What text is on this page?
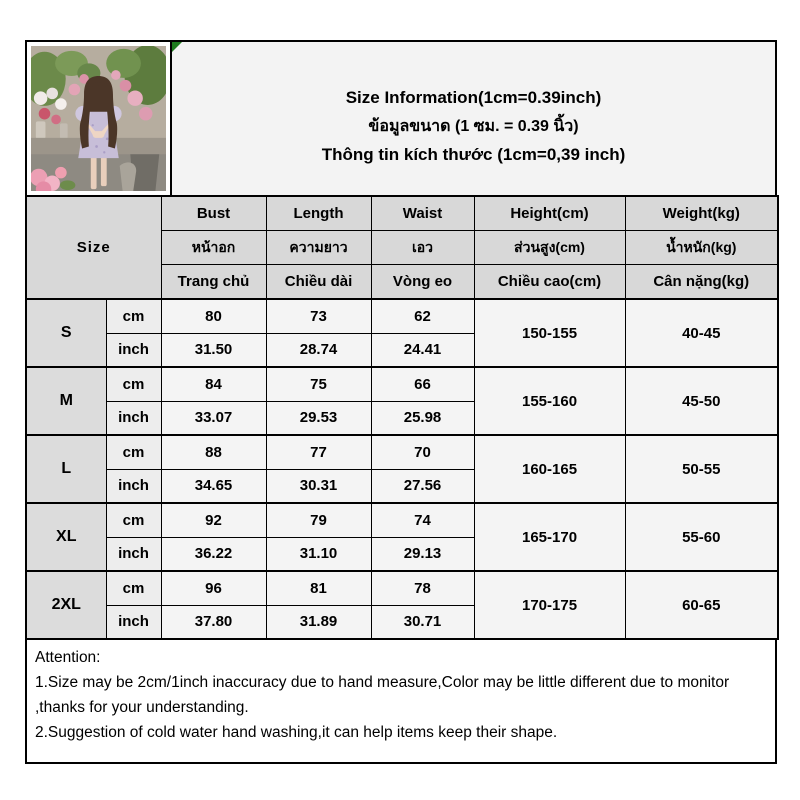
Size Information(1cm=0.39inch)
ข้อมูลขนาด (1 ซม. = 0.39 นิ้ว)
Thông tin kích thước (1cm=0,39 inch)
Size		Bust	Length	Waist	Height(cm)	Weight(kg)
		หน้าอก	ความยาว	เอว	ส่วนสูง(cm)	น้ำหนัก(kg)
		Trang chủ	Chiều dài	Vòng eo	Chiều cao(cm)	Cân nặng(kg)
S	cm	80	73	62	150-155	40-45
	inch	31.50	28.74	24.41		
M	cm	84	75	66	155-160	45-50
	inch	33.07	29.53	25.98		
L	cm	88	77	70	160-165	50-55
	inch	34.65	30.31	27.56		
XL	cm	92	79	74	165-170	55-60
	inch	36.22	31.10	29.13		
2XL	cm	96	81	78	170-175	60-65
	inch	37.80	31.89	30.71		
Attention:
1.Size may be 2cm/1inch inaccuracy due to hand measure,Color may be little different due to monitor ,thanks for your understanding.
2.Suggestion of cold water hand washing,it can help items keep their shape.
